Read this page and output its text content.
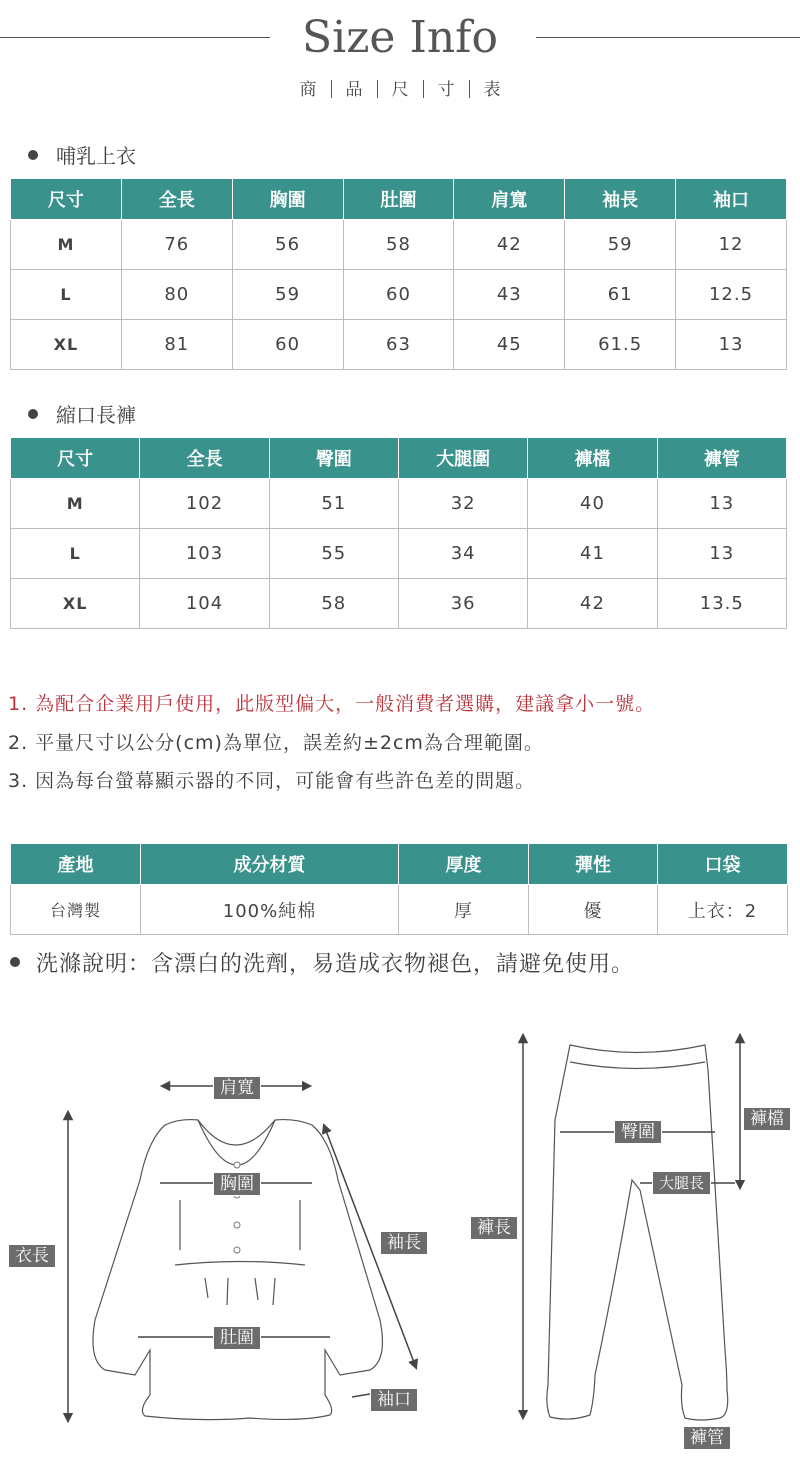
Size Info
商 品 尺 寸 表
哺乳上衣
尺寸	全長	胸圍	肚圍	肩寬	袖長	袖口
M	76	56	58	42	59	12
L	80	59	60	43	61	12.5
XL	81	60	63	45	61.5	13
縮口長褲
尺寸	全長	臀圍	大腿圍	褲檔	褲管
M	102	51	32	40	13
L	103	55	34	41	13
XL	104	58	36	42	13.5
1. 為配合企業用戶使用，此版型偏大，一般消費者選購，建議拿小一號。
2. 平量尺寸以公分(cm)為單位，誤差約±2cm為合理範圍。
3. 因為每台螢幕顯示器的不同，可能會有些許色差的問題。
產地	成分材質	厚度	彈性	口袋
台灣製	100%純棉	厚	優	上衣：2
洗滌說明：含漂白的洗劑，易造成衣物褪色，請避免使用。
肩寬
胸圍
衣長
袖長
肚圍
袖口
褲長
臀圍
褲檔
大腿長
褲管
